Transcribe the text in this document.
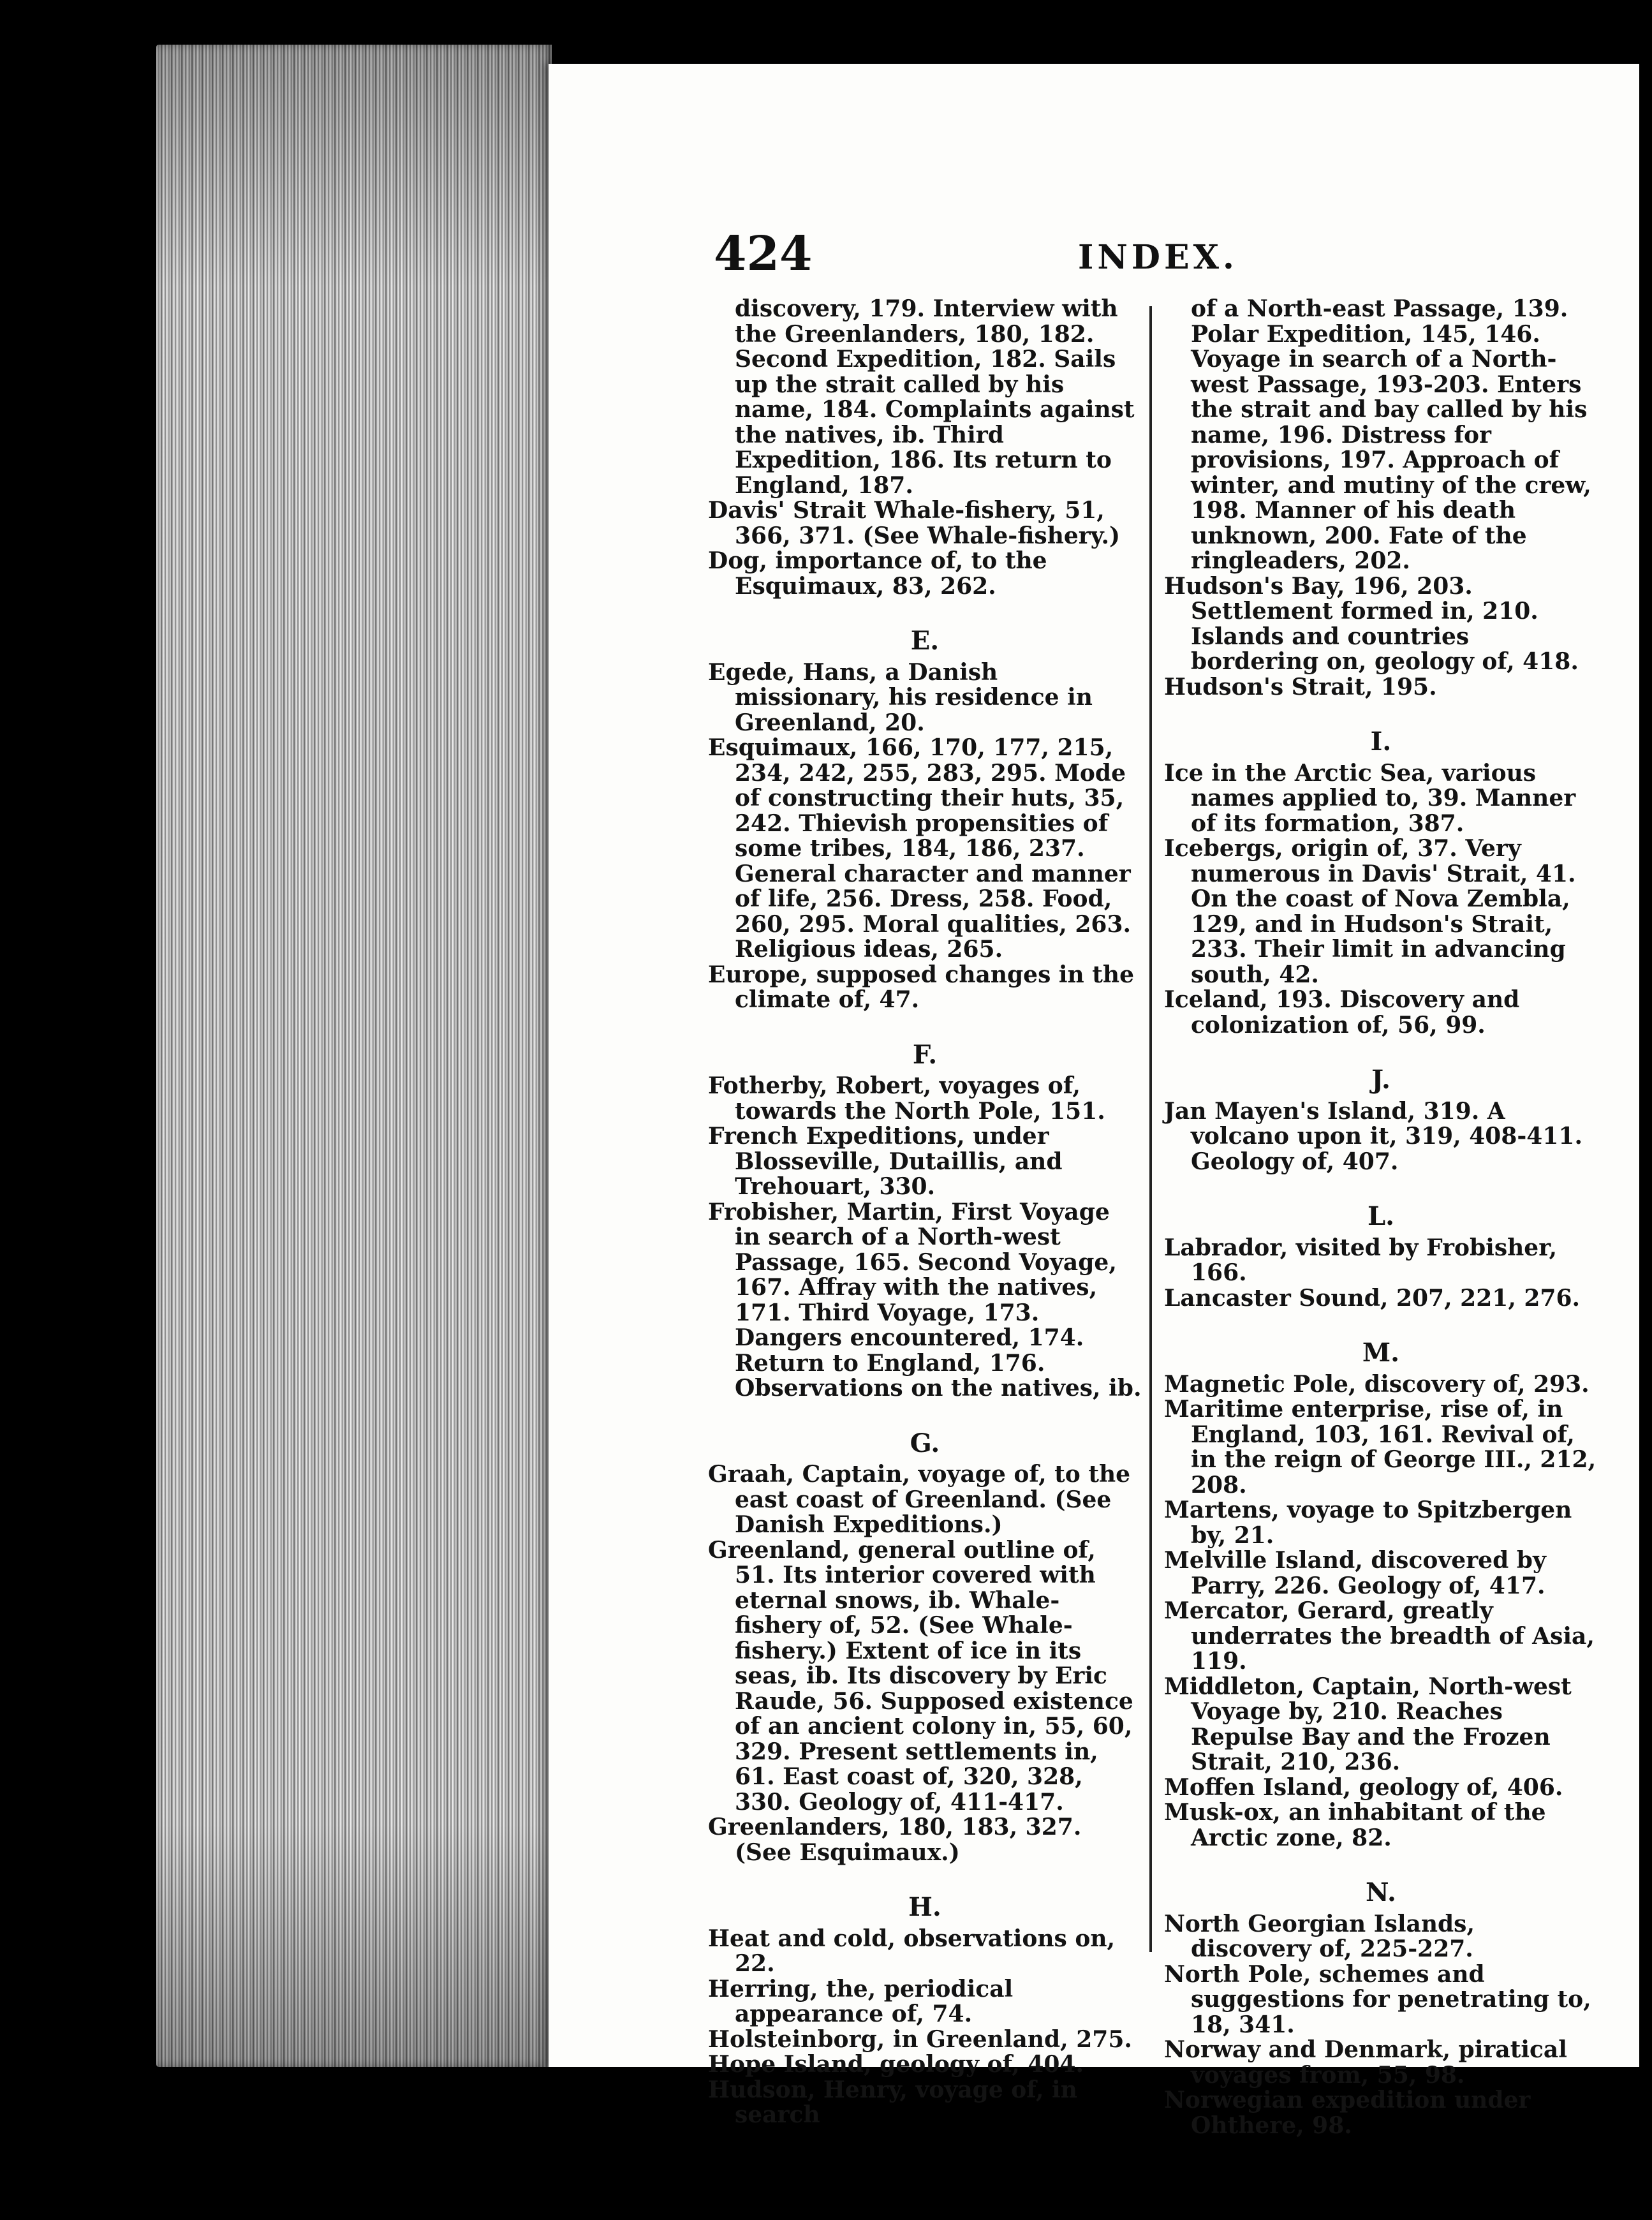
424	INDEX.

discovery, 179. Interview with the Greenlanders, 180, 182. Second Expedition, 182. Sails up the strait called by his name, 184. Complaints against the natives, ib. Third Expedition, 186. Its return to England, 187.

Davis' Strait Whale-fishery, 51, 366, 371. (See Whale-fishery.)

Dog, importance of, to the Esquimaux, 83, 262.

E.

Egede, Hans, a Danish missionary, his residence in Greenland, 20.

Esquimaux, 166, 170, 177, 215, 234, 242, 255, 283, 295. Mode of constructing their huts, 35, 242. Thievish propensities of some tribes, 184, 186, 237. General character and manner of life, 256. Dress, 258. Food, 260, 295. Moral qualities, 263. Religious ideas, 265.

Europe, supposed changes in the climate of, 47.

F.

Fotherby, Robert, voyages of, towards the North Pole, 151.

French Expeditions, under Blosseville, Dutaillis, and Trehouart, 330.

Frobisher, Martin, First Voyage in search of a North-west Passage, 165. Second Voyage, 167. Affray with the natives, 171. Third Voyage, 173. Dangers encountered, 174. Return to England, 176. Observations on the natives, ib.

G.

Graah, Captain, voyage of, to the east coast of Greenland. (See Danish Expeditions.)

Greenland, general outline of, 51. Its interior covered with eternal snows, ib. Whale-fishery of, 52. (See Whale-fishery.) Extent of ice in its seas, ib. Its discovery by Eric Raude, 56. Supposed existence of an ancient colony in, 55, 60, 329. Present settlements in, 61. East coast of, 320, 328, 330. Geology of, 411-417.

Greenlanders, 180, 183, 327. (See Esquimaux.)

H.

Heat and cold, observations on, 22.

Herring, the, periodical appearance of, 74.

Holsteinborg, in Greenland, 275.

Hope Island, geology of, 404.

Hudson, Henry, voyage of, in search

of a North-east Passage, 139. Polar Expedition, 145, 146. Voyage in search of a North-west Passage, 193-203. Enters the strait and bay called by his name, 196. Distress for provisions, 197. Approach of winter, and mutiny of the crew, 198. Manner of his death unknown, 200. Fate of the ringleaders, 202.

Hudson's Bay, 196, 203. Settlement formed in, 210. Islands and countries bordering on, geology of, 418.

Hudson's Strait, 195.

I.

Ice in the Arctic Sea, various names applied to, 39. Manner of its formation, 387.

Icebergs, origin of, 37. Very numerous in Davis' Strait, 41. On the coast of Nova Zembla, 129, and in Hudson's Strait, 233. Their limit in advancing south, 42.

Iceland, 193. Discovery and colonization of, 56, 99.

J.

Jan Mayen's Island, 319. A volcano upon it, 319, 408-411. Geology of, 407.

L.

Labrador, visited by Frobisher, 166.

Lancaster Sound, 207, 221, 276.

M.

Magnetic Pole, discovery of, 293.

Maritime enterprise, rise of, in England, 103, 161. Revival of, in the reign of George III., 212, 208.

Martens, voyage to Spitzbergen by, 21.

Melville Island, discovered by Parry, 226. Geology of, 417.

Mercator, Gerard, greatly underrates the breadth of Asia, 119.

Middleton, Captain, North-west Voyage by, 210. Reaches Repulse Bay and the Frozen Strait, 210, 236.

Moffen Island, geology of, 406.

Musk-ox, an inhabitant of the Arctic zone, 82.

N.

North Georgian Islands, discovery of, 225-227.

North Pole, schemes and suggestions for penetrating to, 18, 341.

Norway and Denmark, piratical voyages from, 55, 98.

Norwegian expedition under Ohthere, 98.
